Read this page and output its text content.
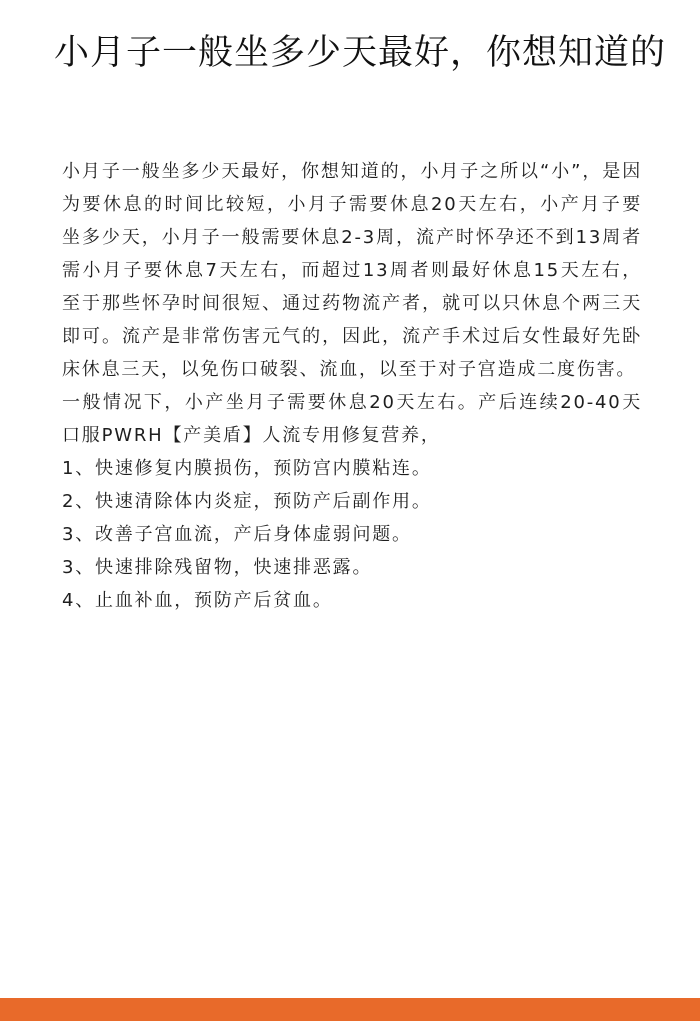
小月子一般坐多少天最好，你想知道的

小月子一般坐多少天最好，你想知道的，小月子之所以“小”，是因为要休息的时间比较短，小月子需要休息20天左右，小产月子要坐多少天，小月子一般需要休息2-3周，流产时怀孕还不到13周者需小月子要休息7天左右，而超过13周者则最好休息15天左右，至于那些怀孕时间很短、通过药物流产者，就可以只休息个两三天即可。流产是非常伤害元气的，因此，流产手术过后女性最好先卧床休息三天，以免伤口破裂、流血，以至于对子宫造成二度伤害。

一般情况下，小产坐月子需要休息20天左右。产后连续20-40天口服PWRH【产美盾】人流专用修复营养，

1、快速修复内膜损伤，预防宫内膜粘连。
2、快速清除体内炎症，预防产后副作用。
3、改善子宫血流，产后身体虚弱问题。
3、快速排除残留物，快速排恶露。
4、止血补血，预防产后贫血。
